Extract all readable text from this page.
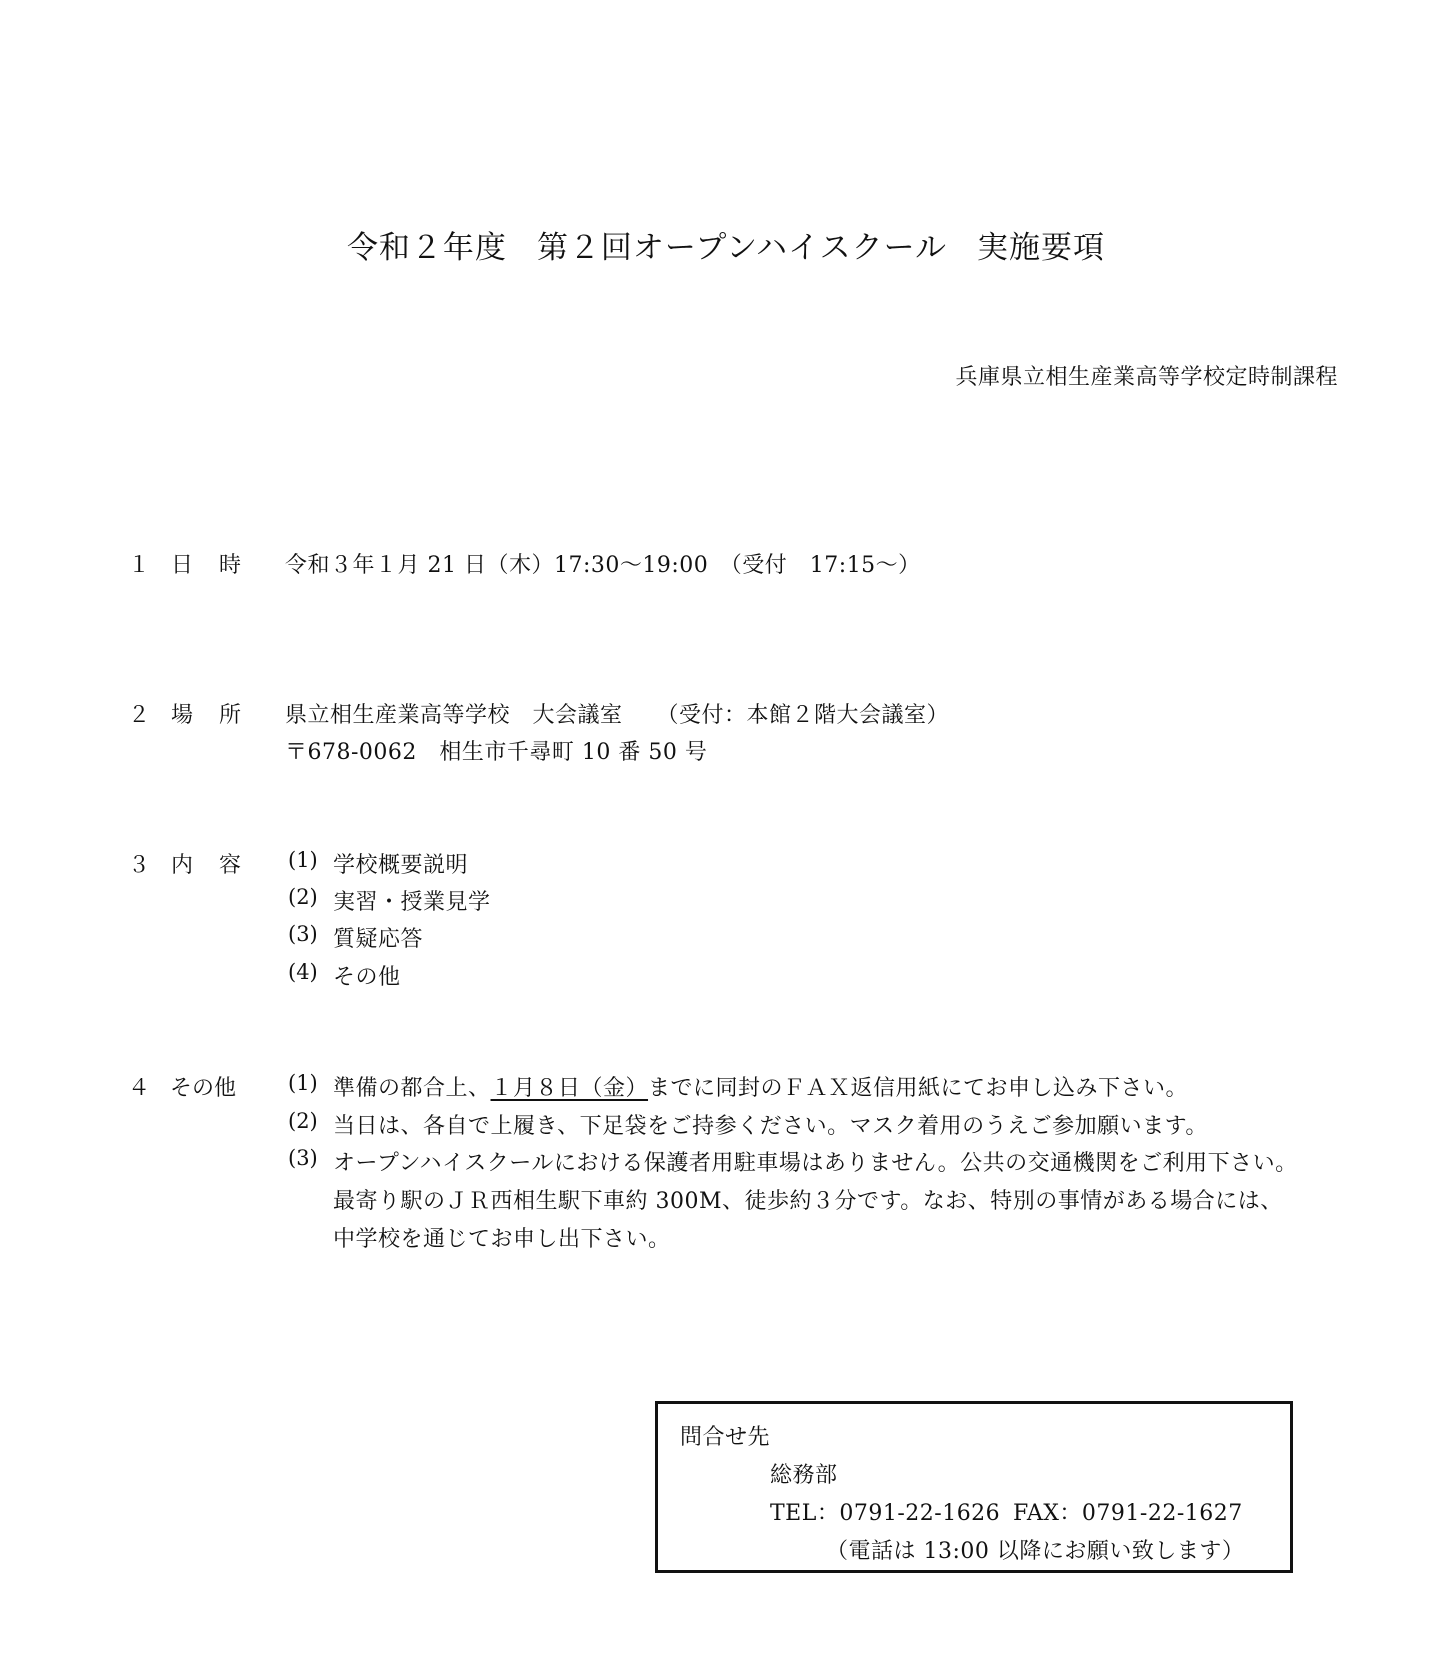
令和２年度 第２回オープンハイスクール 実施要項
兵庫県立相生産業高等学校定時制課程
１ 日 時 令和３年１月 21 日（木）17:30～19:00　（受付　17:15～）
２ 場 所 県立相生産業高等学校　大会議室　　（受付：本館２階大会議室）
〒678-0062　相生市千尋町 10 番 50 号
３ 内 容 (1) 学校概要説明
(2) 実習・授業見学
(3) 質疑応答
(4) その他
４ その他 (1) 準備の都合上、１月８日（金）までに同封のＦＡＸ返信用紙にてお申し込み下さい。
(2) 当日は、各自で上履き、下足袋をご持参ください。マスク着用のうえご参加願います。
(3) オープンハイスクールにおける保護者用駐車場はありません。公共の交通機関をご利用下さい。
最寄り駅のＪＲ西相生駅下車約 300M、徒歩約３分です。なお、特別の事情がある場合には、
中学校を通じてお申し出下さい。
問合せ先
総務部
TEL：0791-22-1626 FAX：0791-22-1627
（電話は 13:00 以降にお願い致します）
